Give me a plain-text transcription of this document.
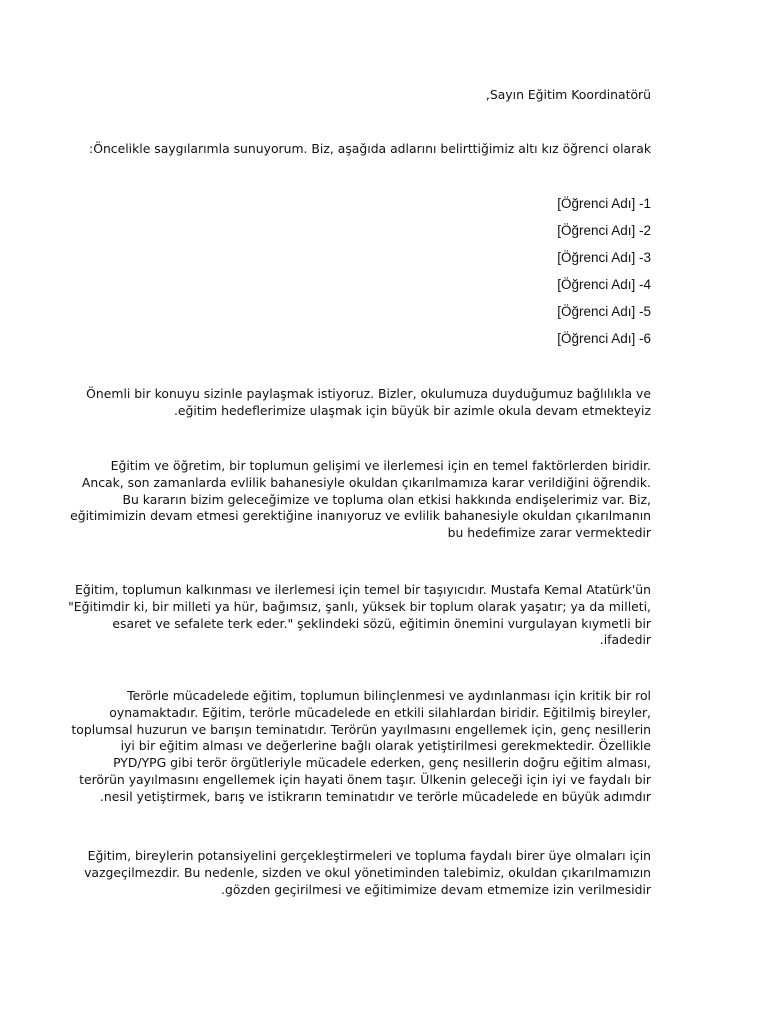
,Sayın Eğitim Koordinatörü
:Öncelikle saygılarımla sunuyorum. Biz, aşağıda adlarını belirttiğimiz altı kız öğrenci olarak
[Öğrenci Adı] -1
[Öğrenci Adı] -2
[Öğrenci Adı] -3
[Öğrenci Adı] -4
[Öğrenci Adı] -5
[Öğrenci Adı] -6
Önemli bir konuyu sizinle paylaşmak istiyoruz. Bizler, okulumuza duyduğumuz bağlılıkla ve
.eğitim hedeflerimize ulaşmak için büyük bir azimle okula devam etmekteyiz
Eğitim ve öğretim, bir toplumun gelişimi ve ilerlemesi için en temel faktörlerden biridir.
Ancak, son zamanlarda evlilik bahanesiyle okuldan çıkarılmamıza karar verildiğini öğrendik.
Bu kararın bizim geleceğimize ve topluma olan etkisi hakkında endişelerimiz var. Biz,
eğitimimizin devam etmesi gerektiğine inanıyoruz ve evlilik bahanesiyle okuldan çıkarılmanın
bu hedefimize zarar vermektedir
Eğitim, toplumun kalkınması ve ilerlemesi için temel bir taşıyıcıdır. Mustafa Kemal Atatürk'ün
"Eğitimdir ki, bir milleti ya hür, bağımsız, şanlı, yüksek bir toplum olarak yaşatır; ya da milleti,
esaret ve sefalete terk eder." şeklindeki sözü, eğitimin önemini vurgulayan kıymetli bir
.ifadedir
Terörle mücadelede eğitim, toplumun bilinçlenmesi ve aydınlanması için kritik bir rol
oynamaktadır. Eğitim, terörle mücadelede en etkili silahlardan biridir. Eğitilmiş bireyler,
toplumsal huzurun ve barışın teminatıdır. Terörün yayılmasını engellemek için, genç nesillerin
iyi bir eğitim alması ve değerlerine bağlı olarak yetiştirilmesi gerekmektedir. Özellikle
PYD/YPG gibi terör örgütleriyle mücadele ederken, genç nesillerin doğru eğitim alması,
terörün yayılmasını engellemek için hayati önem taşır. Ülkenin geleceği için iyi ve faydalı bir
.nesil yetiştirmek, barış ve istikrarın teminatıdır ve terörle mücadelede en büyük adımdır
Eğitim, bireylerin potansiyelini gerçekleştirmeleri ve topluma faydalı birer üye olmaları için
vazgeçilmezdir. Bu nedenle, sizden ve okul yönetiminden talebimiz, okuldan çıkarılmamızın
.gözden geçirilmesi ve eğitimimize devam etmemize izin verilmesidir
